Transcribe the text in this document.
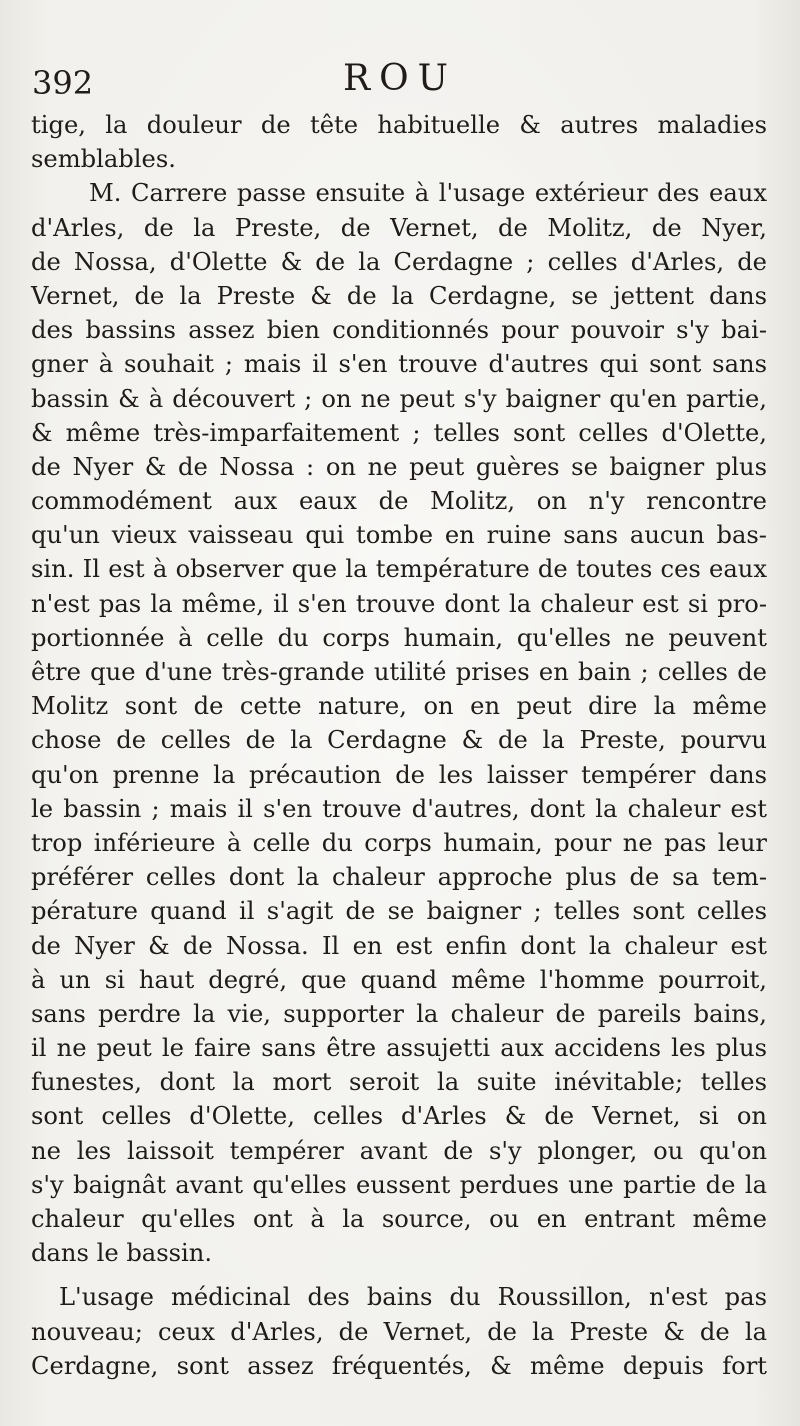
392	ROU
tige, la douleur de tête habituelle & autres maladies
semblables.
M. Carrere passe ensuite à l'usage extérieur des eaux
d'Arles, de la Preste, de Vernet, de Molitz, de Nyer,
de Nossa, d'Olette & de la Cerdagne ; celles d'Arles, de
Vernet, de la Preste & de la Cerdagne, se jettent dans
des bassins assez bien conditionnés pour pouvoir s'y bai-
gner à souhait ; mais il s'en trouve d'autres qui sont sans
bassin & à découvert ; on ne peut s'y baigner qu'en partie,
& même très-imparfaitement ; telles sont celles d'Olette,
de Nyer & de Nossa : on ne peut guères se baigner plus
commodément aux eaux de Molitz, on n'y rencontre
qu'un vieux vaisseau qui tombe en ruine sans aucun bas-
sin. Il est à observer que la température de toutes ces eaux
n'est pas la même, il s'en trouve dont la chaleur est si pro-
portionnée à celle du corps humain, qu'elles ne peuvent
être que d'une très-grande utilité prises en bain ; celles de
Molitz sont de cette nature, on en peut dire la même
chose de celles de la Cerdagne & de la Preste, pourvu
qu'on prenne la précaution de les laisser tempérer dans
le bassin ; mais il s'en trouve d'autres, dont la chaleur est
trop inférieure à celle du corps humain, pour ne pas leur
préférer celles dont la chaleur approche plus de sa tem-
pérature quand il s'agit de se baigner ; telles sont celles
de Nyer & de Nossa. Il en est enfin dont la chaleur est
à un si haut degré, que quand même l'homme pourroit,
sans perdre la vie, supporter la chaleur de pareils bains,
il ne peut le faire sans être assujetti aux accidens les plus
funestes, dont la mort seroit la suite inévitable; telles
sont celles d'Olette, celles d'Arles & de Vernet, si on
ne les laissoit tempérer avant de s'y plonger, ou qu'on
s'y baignât avant qu'elles eussent perdues une partie de la
chaleur qu'elles ont à la source, ou en entrant même
dans le bassin.
L'usage médicinal des bains du Roussillon, n'est pas
nouveau; ceux d'Arles, de Vernet, de la Preste & de la
Cerdagne, sont assez fréquentés, & même depuis fort
